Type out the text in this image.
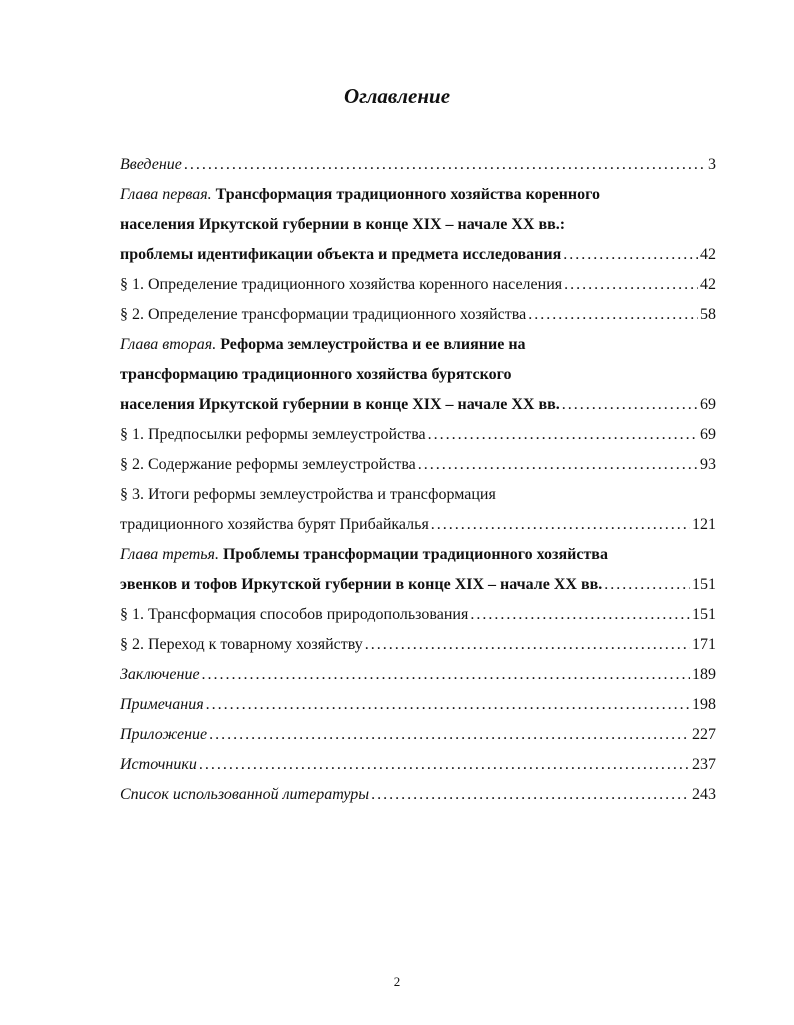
Оглавление
Введение . . .	3
Глава первая. Трансформация традиционного хозяйства коренного
населения Иркутской губернии в конце XIX – начале XX вв.:
проблемы идентификации объекта и предмета исследования . . .	42
§ 1. Определение традиционного хозяйства коренного населения . . .	42
§ 2. Определение трансформации традиционного хозяйства . . .	58
Глава вторая. Реформа землеустройства и ее влияние на
трансформацию традиционного хозяйства бурятского
населения Иркутской губернии в конце XIX – начале XX вв. . . .	69
§ 1. Предпосылки реформы землеустройства . . .	69
§ 2. Содержание реформы землеустройства . . .	93
§ 3. Итоги реформы землеустройства и трансформация
традиционного хозяйства бурят Прибайкалья . . .	121
Глава третья. Проблемы трансформации традиционного хозяйства
эвенков и тофов Иркутской губернии в конце XIX – начале XX вв. . . .	151
§ 1. Трансформация способов природопользования . . .	151
§ 2. Переход к товарному хозяйству . . .	171
Заключение . . .	189
Примечания . . .	198
Приложение . . .	227
Источники . . .	237
Список использованной литературы . . .	243
2
